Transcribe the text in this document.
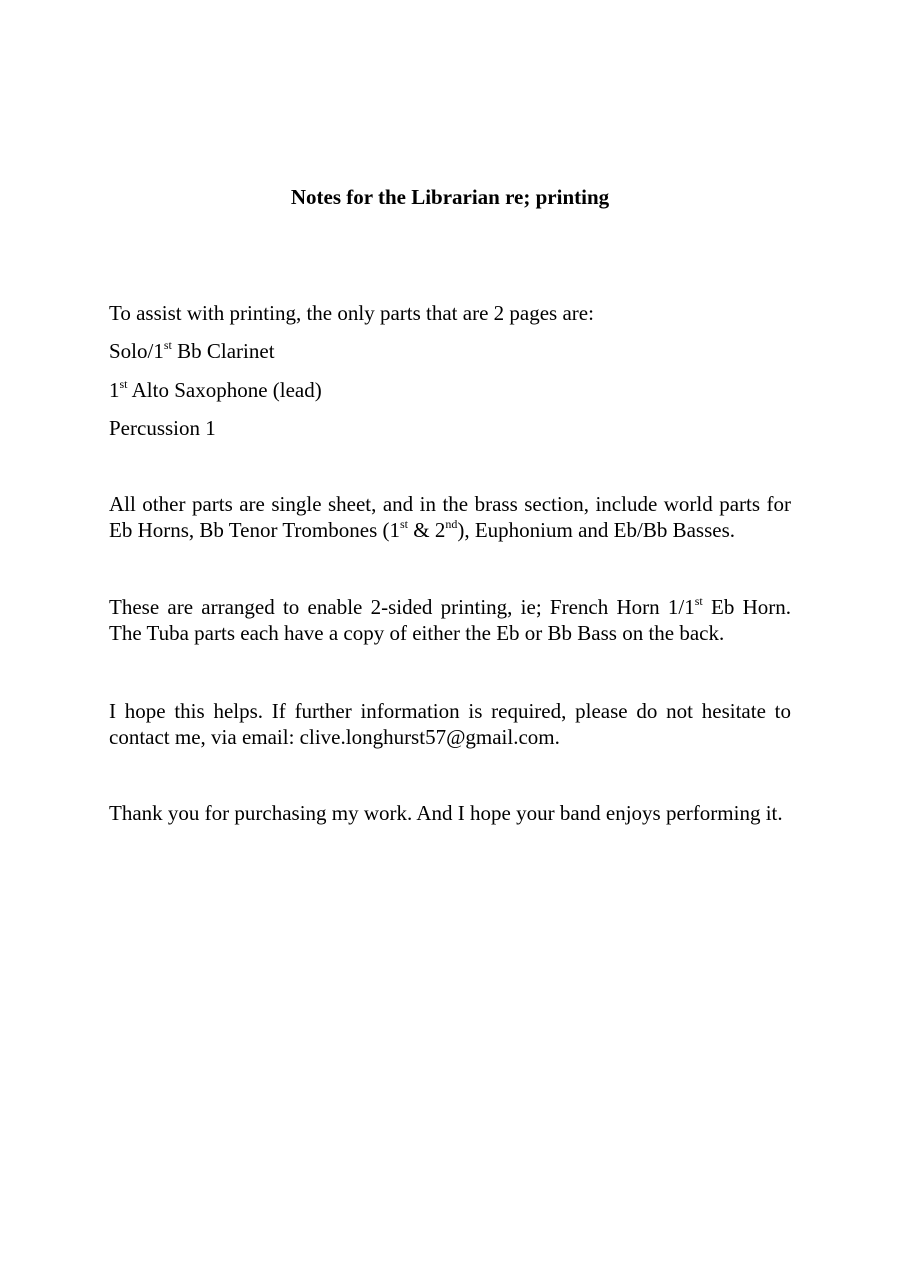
Notes for the Librarian re; printing

To assist with printing, the only parts that are 2 pages are:

Solo/1st Bb Clarinet

1st Alto Saxophone (lead)

Percussion 1

All other parts are single sheet, and in the brass section, include world parts for Eb Horns, Bb Tenor Trombones (1st & 2nd), Euphonium and Eb/Bb Basses.

These are arranged to enable 2-sided printing, ie; French Horn 1/1st Eb Horn. The Tuba parts each have a copy of either the Eb or Bb Bass on the back.

I hope this helps. If further information is required, please do not hesitate to contact me, via email: clive.longhurst57@gmail.com.

Thank you for purchasing my work. And I hope your band enjoys performing it.
